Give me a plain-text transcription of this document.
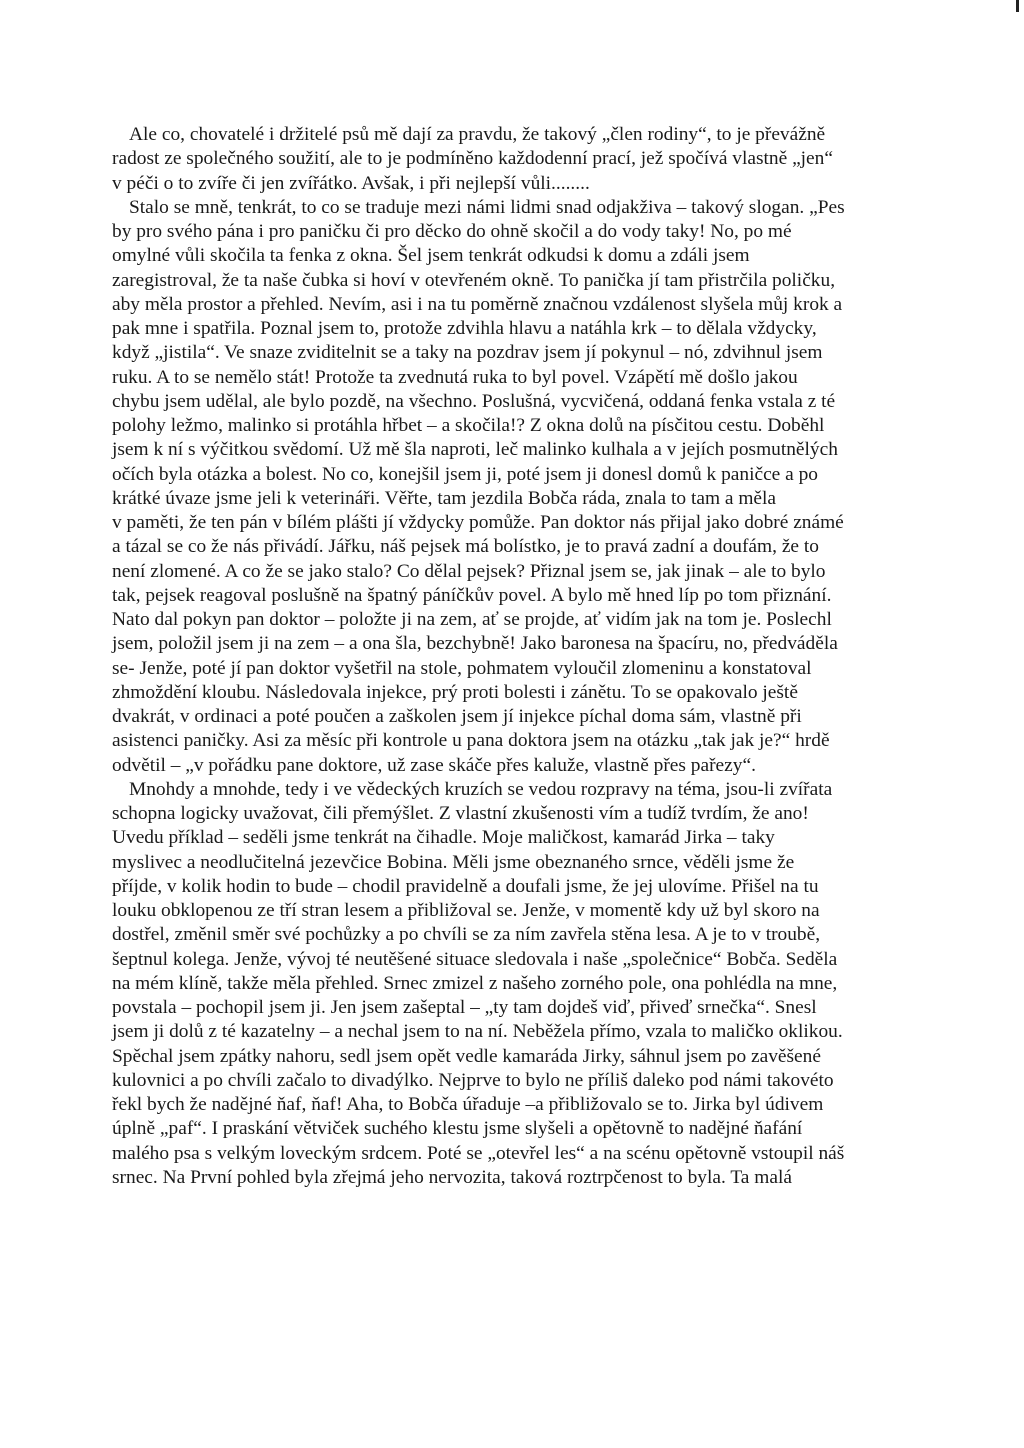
Ale co, chovatelé i držitelé psů mě dají za pravdu, že takový „člen rodiny“, to je převážně
radost ze společného soužití, ale to je podmíněno každodenní prací, jež spočívá vlastně „jen“
v péči o to zvíře či jen zvířátko. Avšak, i při nejlepší vůli........
Stalo se mně, tenkrát, to co se traduje mezi námi lidmi snad odjakživa – takový slogan. „Pes
by pro svého pána i pro paničku či pro děcko do ohně skočil a do vody taky! No, po mé
omylné vůli skočila ta fenka z okna. Šel jsem tenkrát odkudsi k domu a zdáli jsem
zaregistroval, že ta naše čubka si hoví v otevřeném okně. To panička jí tam přistrčila poličku,
aby měla prostor a přehled. Nevím, asi i na tu poměrně značnou vzdálenost slyšela můj krok a
pak mne i spatřila. Poznal jsem to, protože zdvihla hlavu a natáhla krk – to dělala vždycky,
když „jistila“. Ve snaze zviditelnit se a taky na pozdrav jsem jí pokynul – nó, zdvihnul jsem
ruku. A to se nemělo stát! Protože ta zvednutá ruka to byl povel. Vzápětí mě došlo jakou
chybu jsem udělal, ale bylo pozdě, na všechno. Poslušná, vycvičená, oddaná fenka vstala z té
polohy ležmo, malinko si protáhla hřbet – a skočila!? Z okna dolů na písčitou cestu. Doběhl
jsem k ní s výčitkou svědomí. Už mě šla naproti, leč malinko kulhala a v jejích posmutnělých
očích byla otázka a bolest. No co, konejšil jsem ji, poté jsem ji donesl domů k paničce a po
krátké úvaze jsme jeli k veterináři. Věřte, tam jezdila Bobča ráda, znala to tam a měla
v paměti, že ten pán v bílém plášti jí vždycky pomůže. Pan doktor nás přijal jako dobré známé
a tázal se co že nás přivádí. Jářku, náš pejsek má bolístko, je to pravá zadní a doufám, že to
není zlomené. A co že se jako stalo? Co dělal pejsek? Přiznal jsem se, jak jinak – ale to bylo
tak, pejsek reagoval poslušně na špatný páníčkův povel. A bylo mě hned líp po tom přiznání.
Nato dal pokyn pan doktor – položte ji na zem, ať se projde, ať vidím jak na tom je. Poslechl
jsem, položil jsem ji na zem – a ona šla, bezchybně! Jako baronesa na špacíru, no, předváděla
se- Jenže, poté jí pan doktor vyšetřil na stole, pohmatem vyloučil zlomeninu a konstatoval
zhmoždění kloubu. Následovala injekce, prý proti bolesti i zánětu. To se opakovalo ještě
dvakrát, v ordinaci a poté poučen a zaškolen jsem jí injekce píchal doma sám, vlastně při
asistenci paničky. Asi za měsíc při kontrole u pana doktora jsem na otázku „tak jak je?“ hrdě
odvětil – „v pořádku pane doktore, už zase skáče přes kaluže, vlastně přes pařezy“.
Mnohdy a mnohde, tedy i ve vědeckých kruzích se vedou rozpravy na téma, jsou-li zvířata
schopna logicky uvažovat, čili přemýšlet. Z vlastní zkušenosti vím a tudíž tvrdím, že ano!
Uvedu příklad – seděli jsme tenkrát na čihadle. Moje maličkost, kamarád Jirka – taky
myslivec a neodlučitelná jezevčice Bobina. Měli jsme obeznaného srnce, věděli jsme že
příjde, v kolik hodin to bude – chodil pravidelně a doufali jsme, že jej ulovíme. Přišel na tu
louku obklopenou ze tří stran lesem a přibližoval se. Jenže, v momentě kdy už byl skoro na
dostřel, změnil směr své pochůzky a po chvíli se za ním zavřela stěna lesa. A je to v troubě,
šeptnul kolega. Jenže, vývoj té neutěšené situace sledovala i naše „společnice“ Bobča. Seděla
na mém klíně, takže měla přehled. Srnec zmizel z našeho zorného pole, ona pohlédla na mne,
povstala – pochopil jsem ji. Jen jsem zašeptal – „ty tam dojdeš viď, přiveď srnečka“. Snesl
jsem ji dolů z té kazatelny – a nechal jsem to na ní. Neběžela přímo, vzala to maličko oklikou.
Spěchal jsem zpátky nahoru, sedl jsem opět vedle kamaráda Jirky, sáhnul jsem po zavěšené
kulovnici a po chvíli začalo to divadýlko. Nejprve to bylo ne příliš daleko pod námi takovéto
řekl bych že nadějné ňaf, ňaf! Aha, to Bobča úřaduje –a přibližovalo se to. Jirka byl údivem
úplně „paf“. I praskání větviček suchého klestu jsme slyšeli a opětovně to nadějné ňafání
malého psa s velkým loveckým srdcem. Poté se „otevřel les“ a na scénu opětovně vstoupil náš
srnec. Na První pohled byla zřejmá jeho nervozita, taková roztrpčenost to byla. Ta malá
